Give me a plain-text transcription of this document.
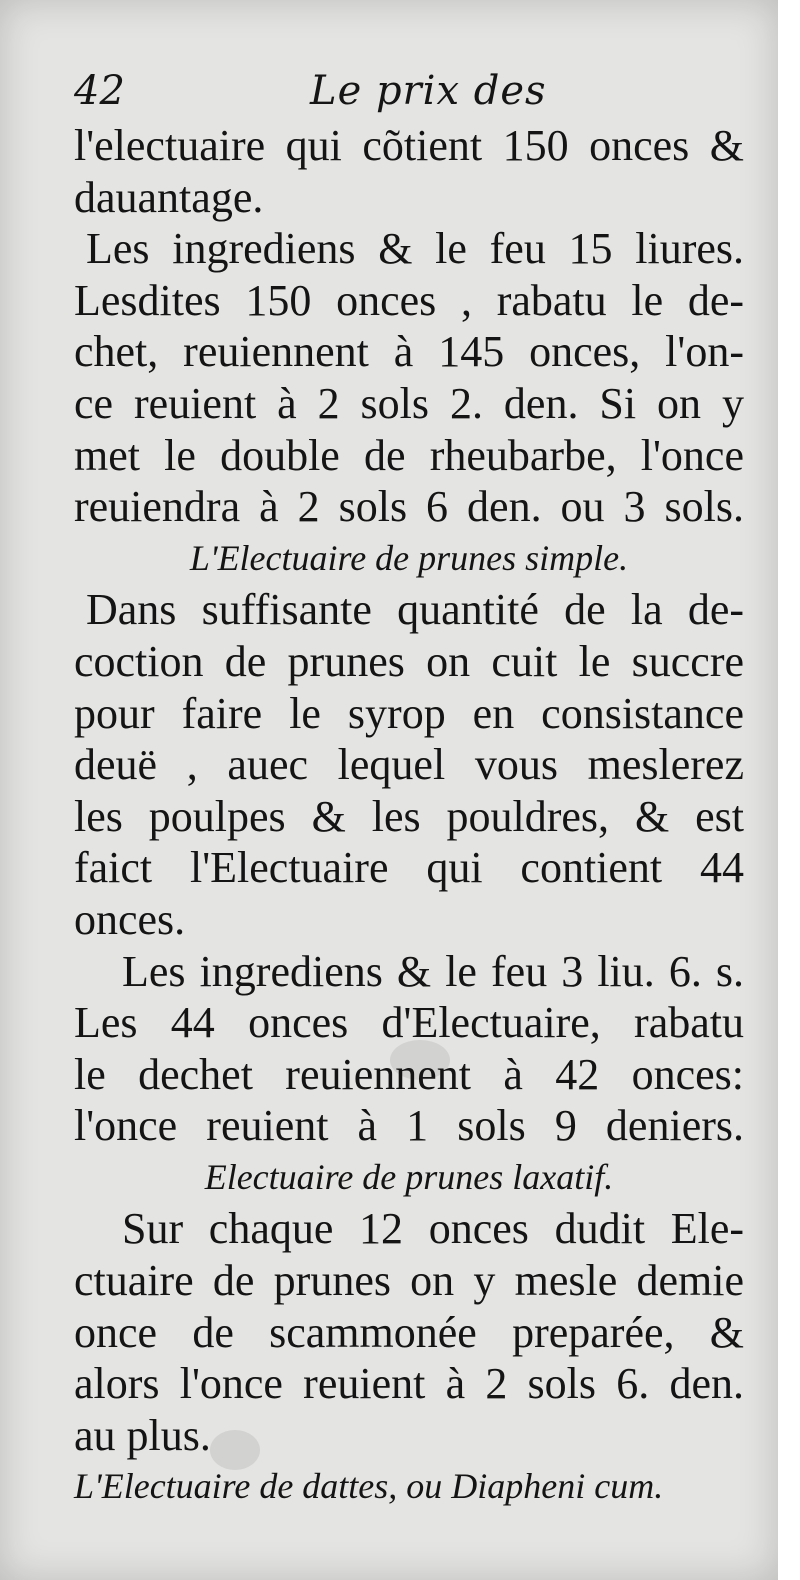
42	Le prix des
l'electuaire qui cõtient 150 onces &
dauantage.
Les ingrediens & le feu 15 liures.
Lesdites 150 onces , rabatu le de-
chet, reuiennent à 145 onces, l'on-
ce reuient à 2 sols 2. den. Si on y
met le double de rheubarbe, l'once
reuiendra à 2 sols 6 den. ou 3 sols.
L'Electuaire de prunes simple.
Dans suffisante quantité de la de-
coction de prunes on cuit le succre
pour faire le syrop en consistance
deuë , auec lequel vous meslerez
les poulpes & les pouldres, & est
faict l'Electuaire qui contient 44
onces.
Les ingrediens & le feu 3 liu. 6. s.
Les 44 onces d'Electuaire, rabatu
le dechet reuiennent à 42 onces:
l'once reuient à 1 sols 9 deniers.
Electuaire de prunes laxatif.
Sur chaque 12 onces dudit Ele-
ctuaire de prunes on y mesle demie
once de scammonée preparée, &
alors l'once reuient à 2 sols 6. den.
au plus.
L'Electuaire de dattes, ou Diapheni cum.
